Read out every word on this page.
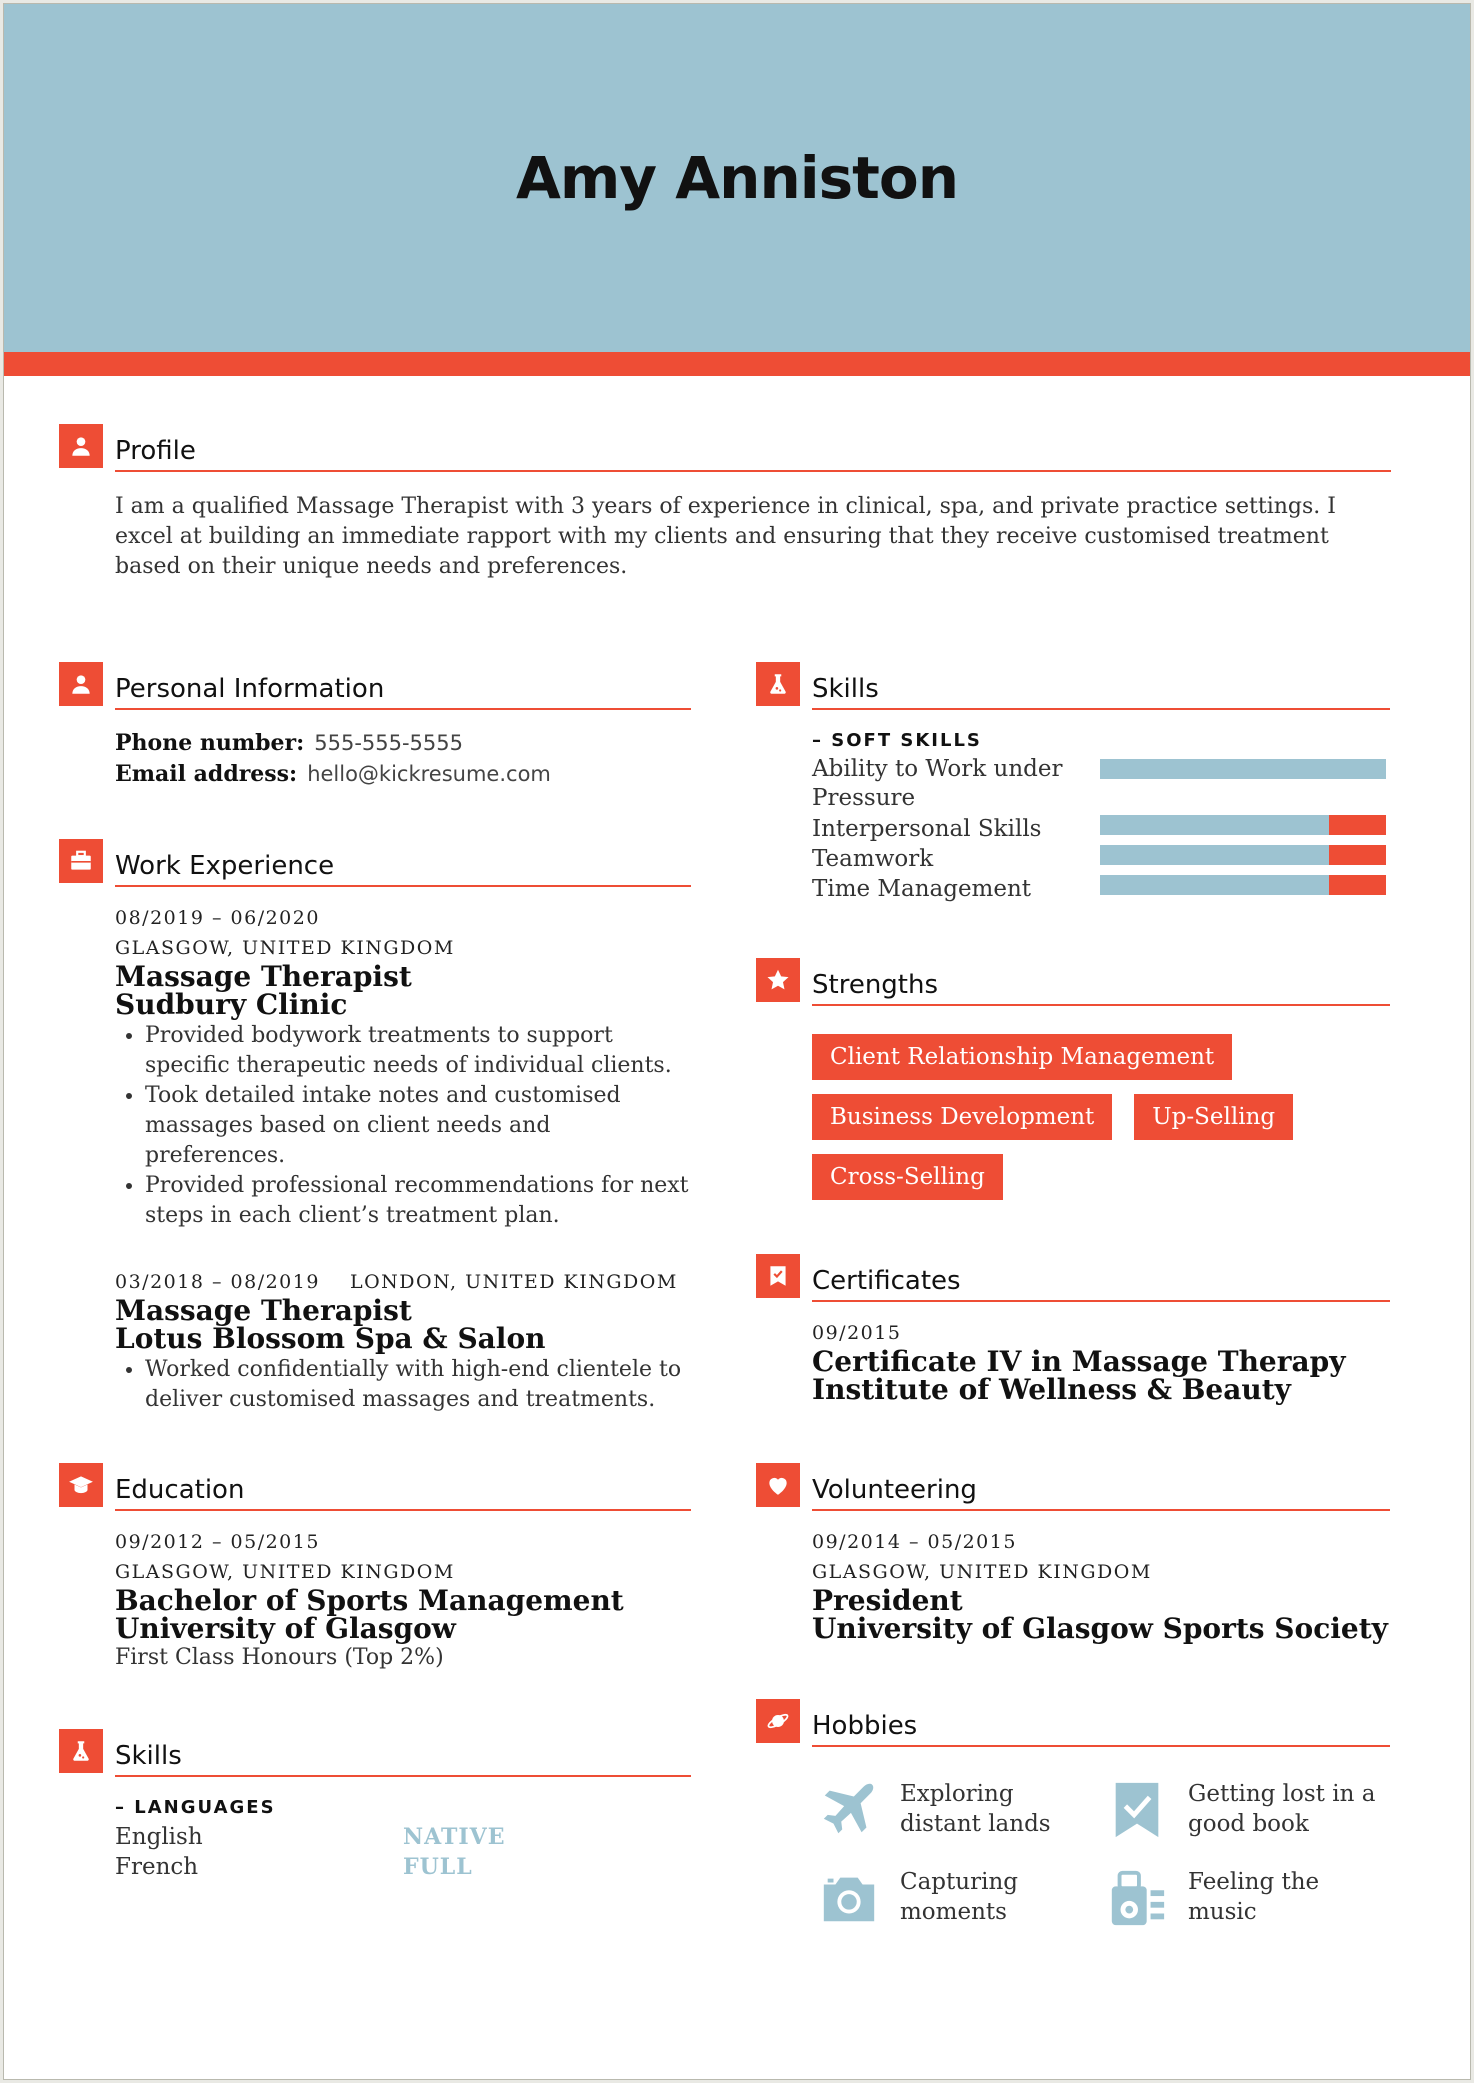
Amy Anniston
Profile
I am a qualified Massage Therapist with 3 years of experience in clinical, spa, and private practice settings. I excel at building an immediate rapport with my clients and ensuring that they receive customised treatment based on their unique needs and preferences.
Personal Information
Phone number: 555-555-5555
Email address: hello@kickresume.com
Work Experience
08/2019 – 06/2020
GLASGOW, UNITED KINGDOM
Massage Therapist
Sudbury Clinic
• Provided bodywork treatments to support specific therapeutic needs of individual clients.
• Took detailed intake notes and customised massages based on client needs and preferences.
• Provided professional recommendations for next steps in each client’s treatment plan.
03/2018 – 08/2019 LONDON, UNITED KINGDOM
Massage Therapist
Lotus Blossom Spa & Salon
• Worked confidentially with high-end clientele to deliver customised massages and treatments.
Education
09/2012 – 05/2015
GLASGOW, UNITED KINGDOM
Bachelor of Sports Management
University of Glasgow
First Class Honours (Top 2%)
Skills
– LANGUAGES
English	NATIVE
French	FULL
Skills
– SOFT SKILLS
Ability to Work under Pressure
Interpersonal Skills
Teamwork
Time Management
Strengths
Client Relationship Management
Business Development	Up-Selling
Cross-Selling
Certificates
09/2015
Certificate IV in Massage Therapy
Institute of Wellness & Beauty
Volunteering
09/2014 – 05/2015
GLASGOW, UNITED KINGDOM
President
University of Glasgow Sports Society
Hobbies
Exploring distant lands
Getting lost in a good book
Capturing moments
Feeling the music
